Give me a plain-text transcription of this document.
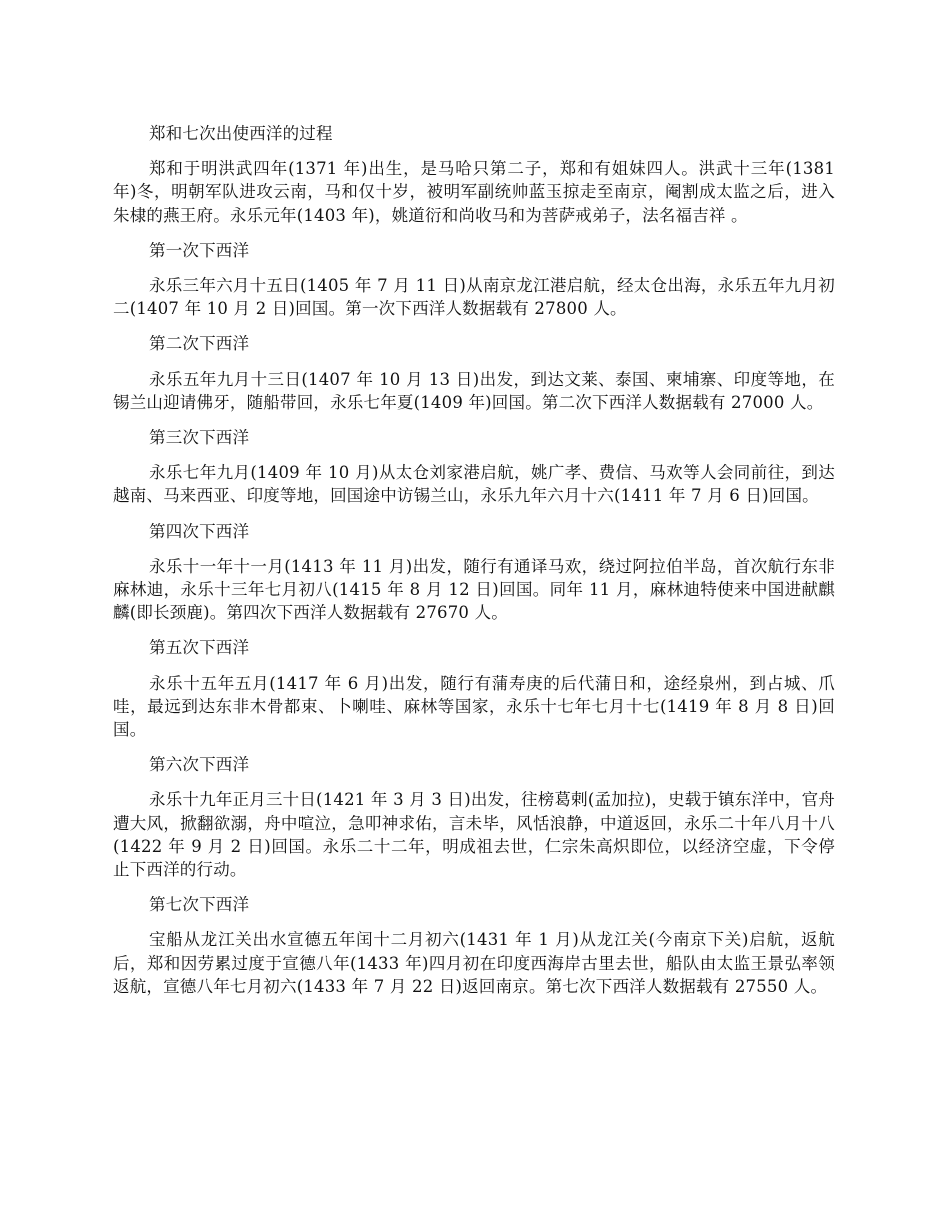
郑和七次出使西洋的过程

郑和于明洪武四年(1371 年)出生，是马哈只第二子，郑和有姐妹四人。洪武十三年(1381 年)冬，明朝军队进攻云南，马和仅十岁，被明军副统帅蓝玉掠走至南京，阉割成太监之后，进入朱棣的燕王府。永乐元年(1403 年)，姚道衍和尚收马和为菩萨戒弟子，法名福吉祥 。

第一次下西洋

永乐三年六月十五日(1405 年 7 月 11 日)从南京龙江港启航，经太仓出海，永乐五年九月初二(1407 年 10 月 2 日)回国。第一次下西洋人数据载有 27800 人。

第二次下西洋

永乐五年九月十三日(1407 年 10 月 13 日)出发，到达文莱、泰国、柬埔寨、印度等地，在锡兰山迎请佛牙，随船带回，永乐七年夏(1409 年)回国。第二次下西洋人数据载有 27000 人。

第三次下西洋

永乐七年九月(1409 年 10 月)从太仓刘家港启航，姚广孝、费信、马欢等人会同前往，到达越南、马来西亚、印度等地，回国途中访锡兰山，永乐九年六月十六(1411 年 7 月 6 日)回国。

第四次下西洋

永乐十一年十一月(1413 年 11 月)出发，随行有通译马欢，绕过阿拉伯半岛，首次航行东非麻林迪，永乐十三年七月初八(1415 年 8 月 12 日)回国。同年 11 月，麻林迪特使来中国进献麒麟(即长颈鹿)。第四次下西洋人数据载有 27670 人。

第五次下西洋

永乐十五年五月(1417 年 6 月)出发，随行有蒲寿庚的后代蒲日和，途经泉州，到占城、爪哇，最远到达东非木骨都束、卜喇哇、麻林等国家，永乐十七年七月十七(1419 年 8 月 8 日)回国。

第六次下西洋

永乐十九年正月三十日(1421 年 3 月 3 日)出发，往榜葛剌(孟加拉)，史载于镇东洋中，官舟遭大风，掀翻欲溺，舟中喧泣，急叩神求佑，言未毕，风恬浪静，中道返回，永乐二十年八月十八(1422 年 9 月 2 日)回国。永乐二十二年，明成祖去世，仁宗朱高炽即位，以经济空虚，下令停止下西洋的行动。

第七次下西洋

宝船从龙江关出水宣德五年闰十二月初六(1431 年 1 月)从龙江关(今南京下关)启航，返航后，郑和因劳累过度于宣德八年(1433 年)四月初在印度西海岸古里去世，船队由太监王景弘率领返航，宣德八年七月初六(1433 年 7 月 22 日)返回南京。第七次下西洋人数据载有 27550 人。
